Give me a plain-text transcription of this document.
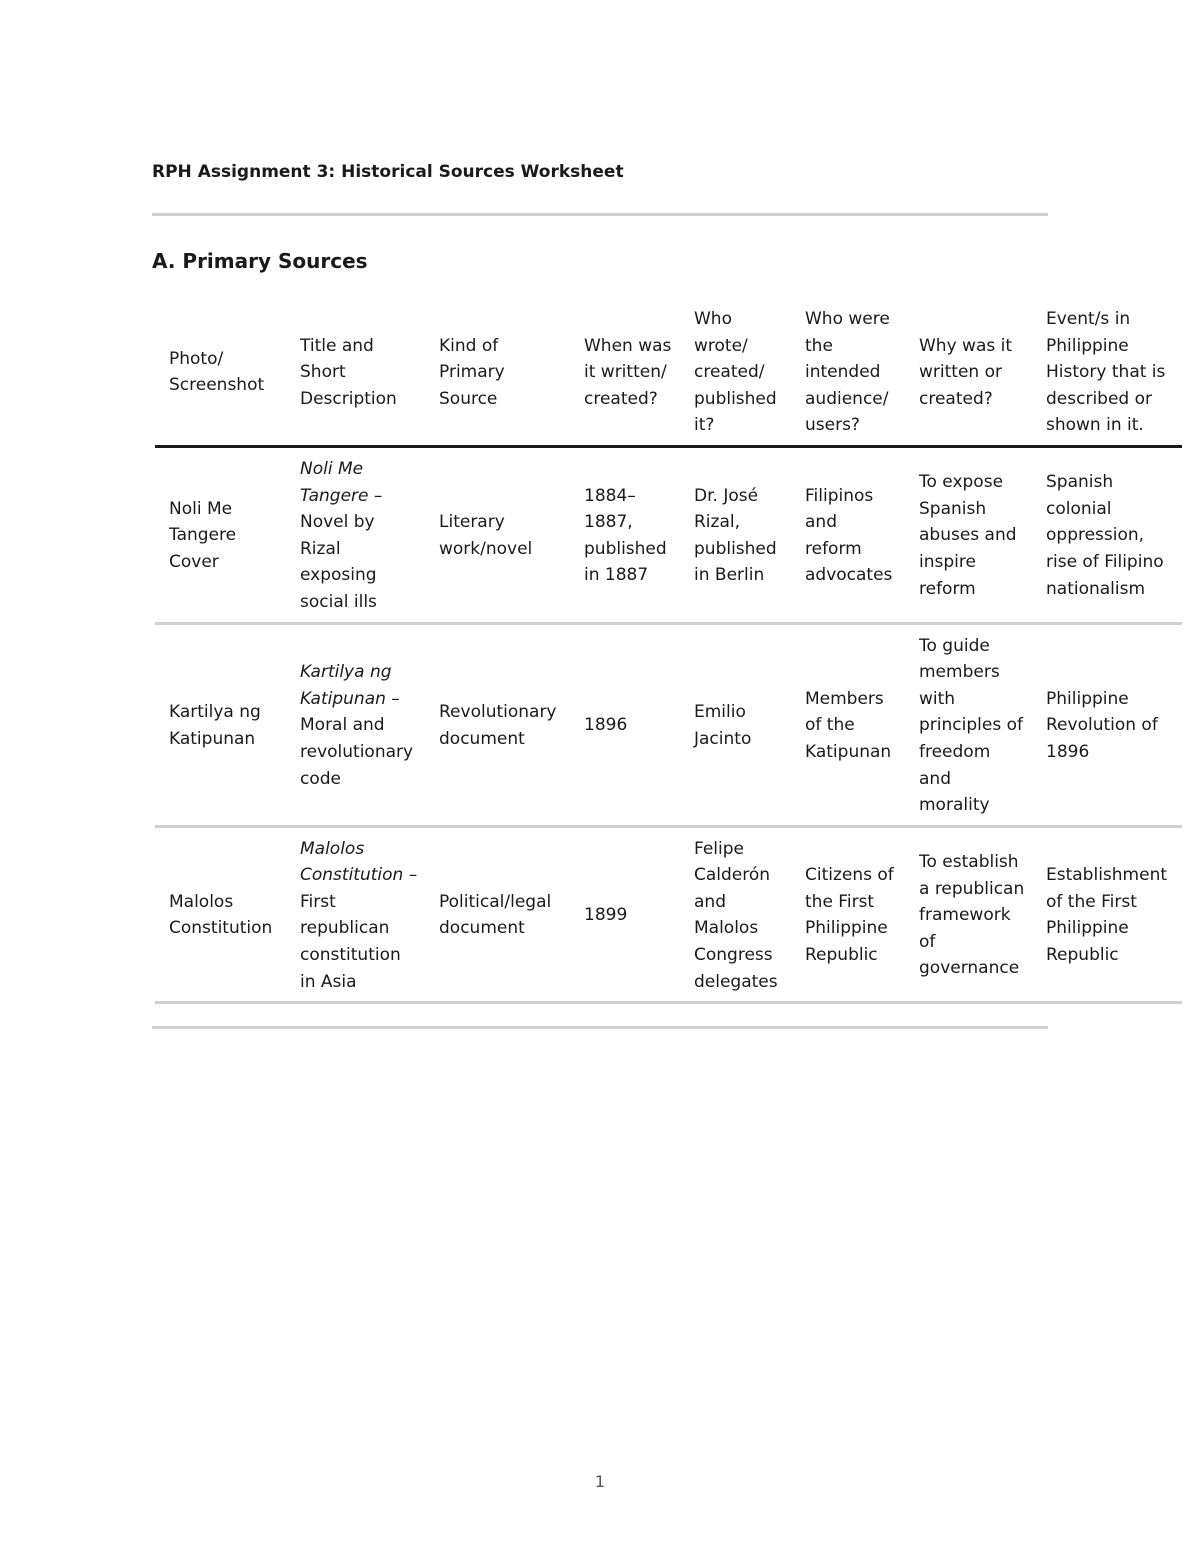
RPH Assignment 3: Historical Sources Worksheet
A. Primary Sources
Photo/ Screenshot	Title and Short Description	Kind of Primary Source	When was it written/ created?	Who wrote/ created/ published it?	Who were the intended audience/ users?	Why was it written or created?	Event/s in Philippine History that is described or shown in it.
Noli Me Tangere Cover	Noli Me Tangere – Novel by Rizal exposing social ills	Literary work/novel	1884–1887, published in 1887	Dr. José Rizal, published in Berlin	Filipinos and reform advocates	To expose Spanish abuses and inspire reform	Spanish colonial oppression, rise of Filipino nationalism
Kartilya ng Katipunan	Kartilya ng Katipunan – Moral and revolutionary code	Revolutionary document	1896	Emilio Jacinto	Members of the Katipunan	To guide members with principles of freedom and morality	Philippine Revolution of 1896
Malolos Constitution	Malolos Constitution – First republican constitution in Asia	Political/legal document	1899	Felipe Calderón and Malolos Congress delegates	Citizens of the First Philippine Republic	To establish a republican framework of governance	Establishment of the First Philippine Republic
1
